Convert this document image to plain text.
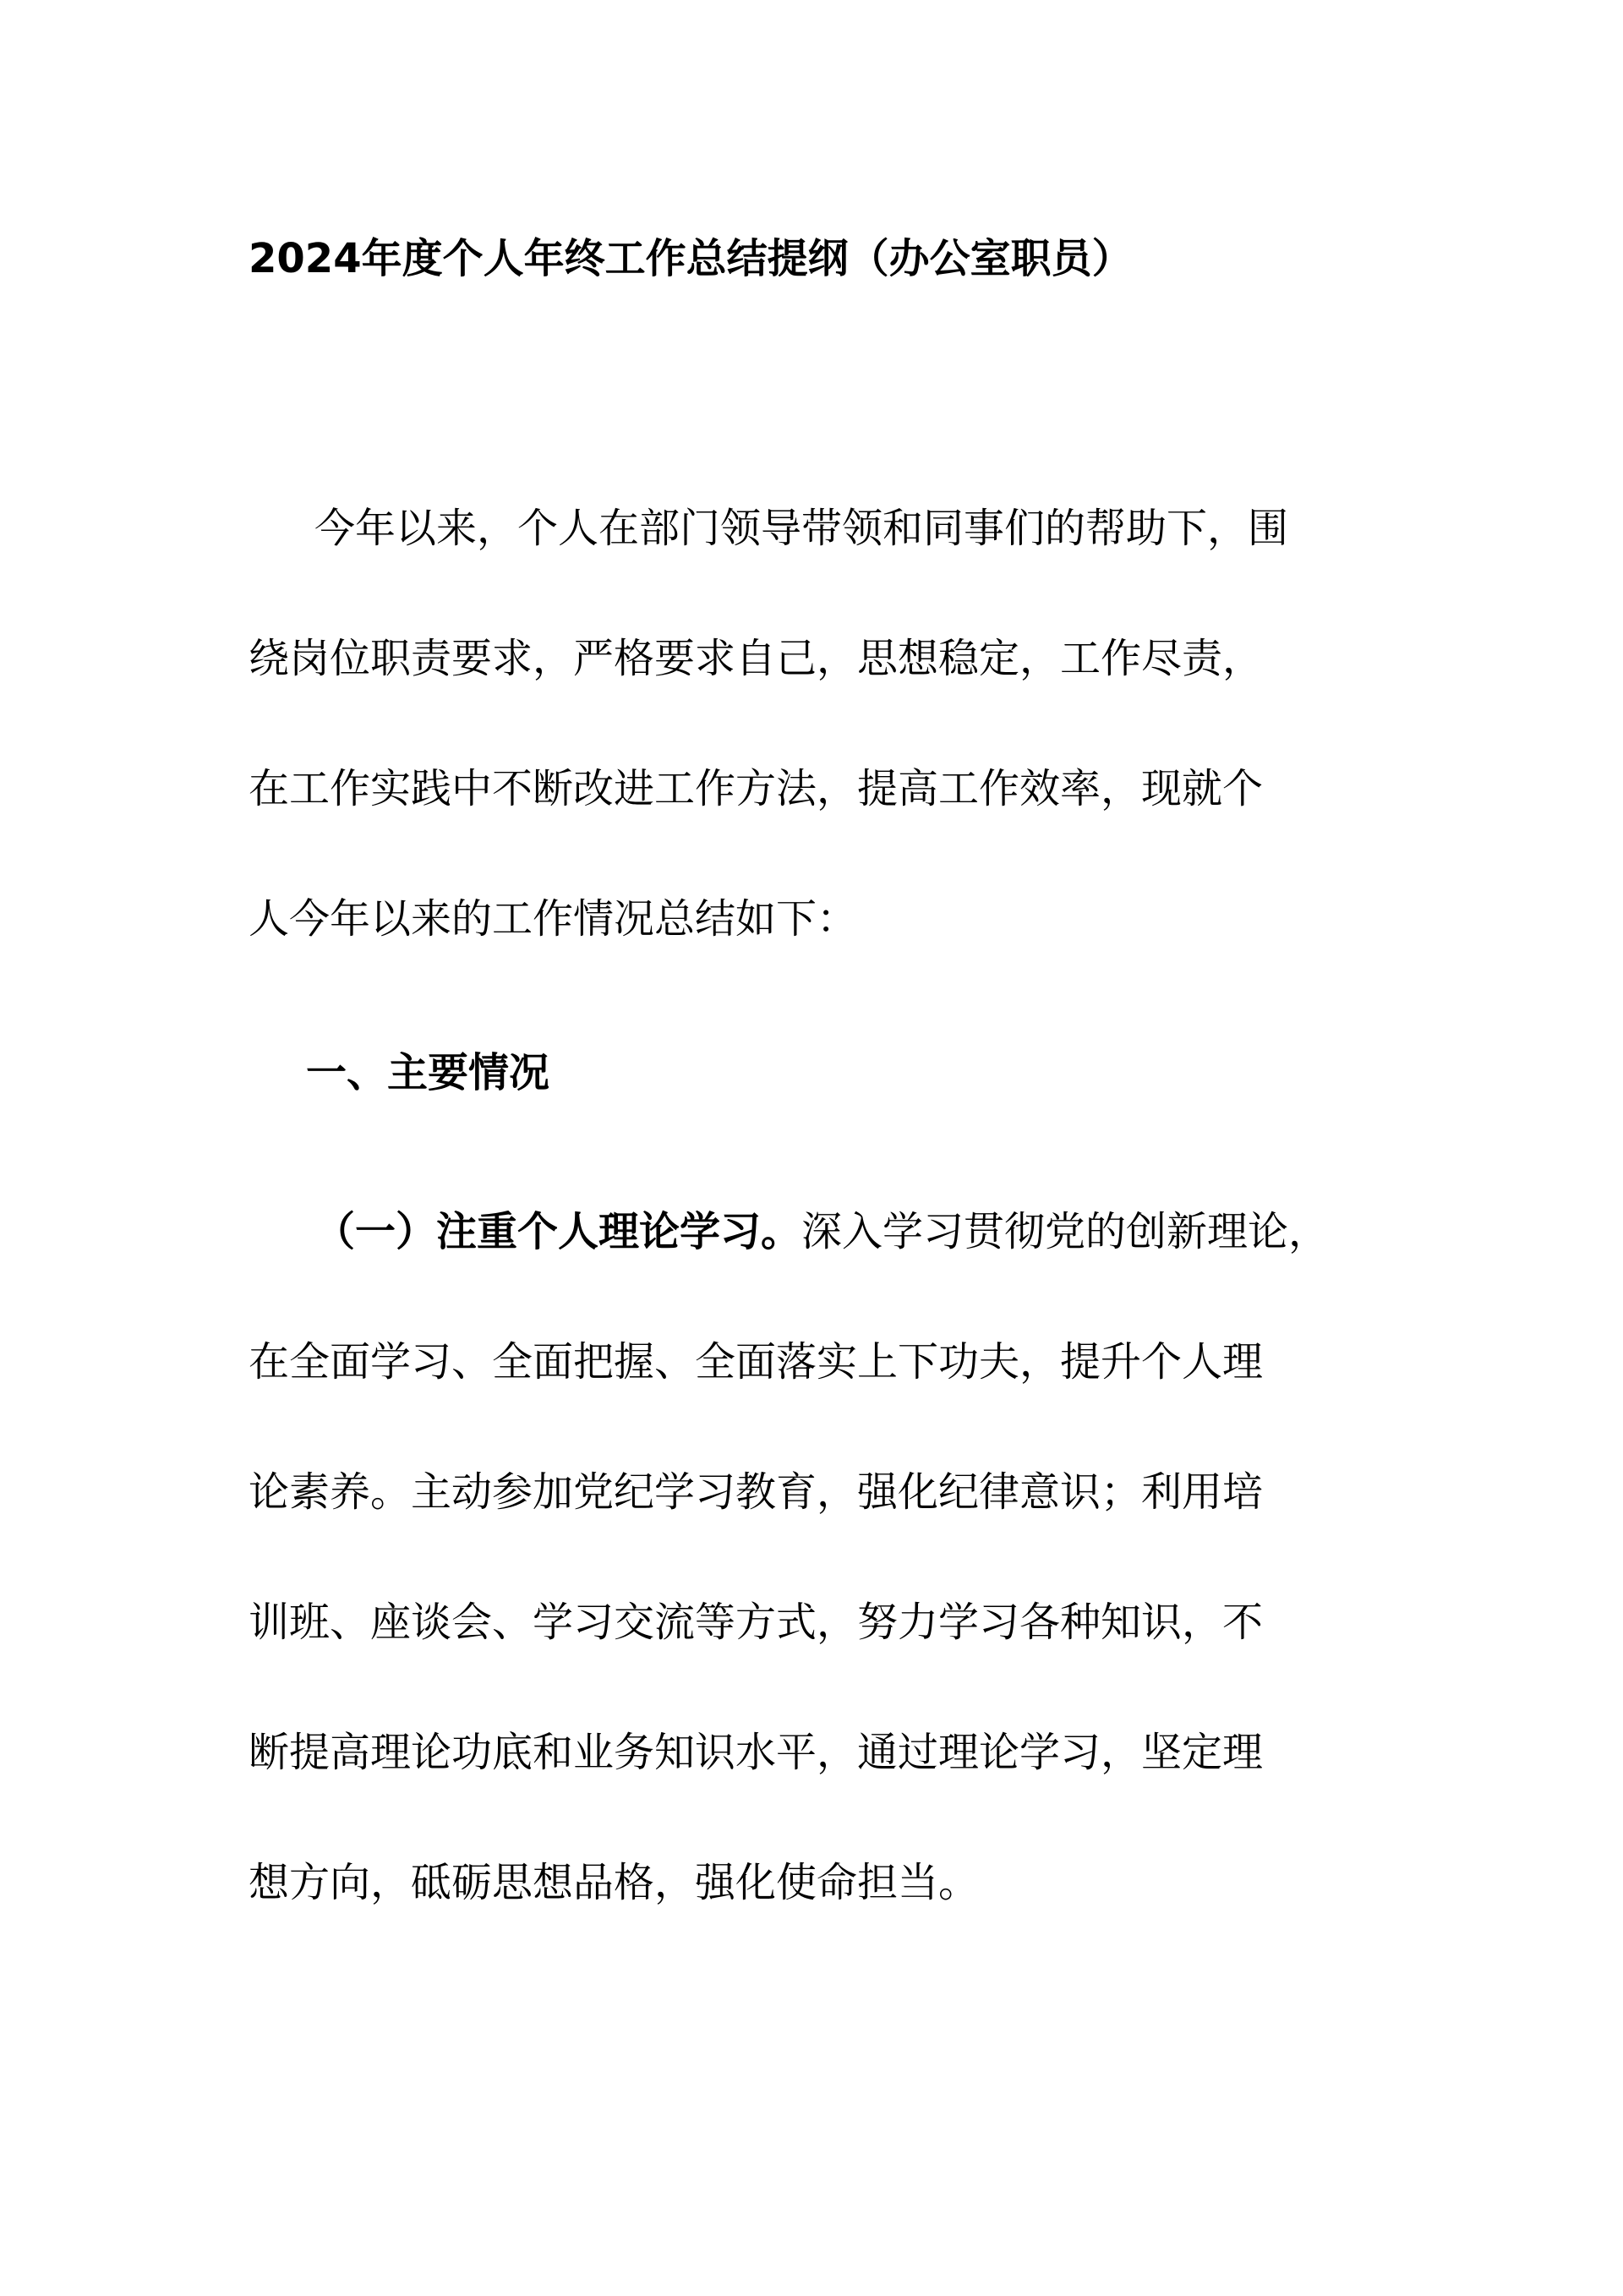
2024年度个人年终工作总结提纲（办公室职员）
今年以来，个人在部门领导带领和同事们的帮助下，围
绕岗位职责要求，严格要求自己，思想稳定，工作尽责，
在工作实践中不断改进工作方法，提高工作效率，现就个
人今年以来的工作情况总结如下：
一、主要情况
（一）注重个人理论学习。深入学习贯彻党的创新理论，
在全面学习、全面把握、全面落实上下功夫，提升个人理
论素养。主动参加党纪学习教育，强化纪律意识；利用培
训班、座谈会、学习交流等方式，努力学习各种知识，不
断提高理论功底和业务知识水平，通过理论学习，坚定理
想方向，砥砺思想品格，强化使命担当。
